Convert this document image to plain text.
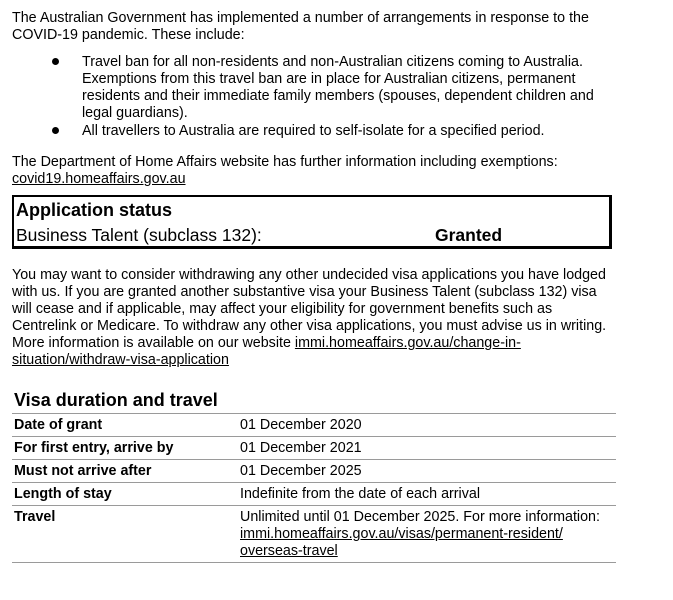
The Australian Government has implemented a number of arrangements in response to the COVID-19 pandemic. These include:

Travel ban for all non-residents and non-Australian citizens coming to Australia. Exemptions from this travel ban are in place for Australian citizens, permanent residents and their immediate family members (spouses, dependent children and legal guardians).
All travellers to Australia are required to self-isolate for a specified period.

The Department of Home Affairs website has further information including exemptions:
covid19.homeaffairs.gov.au

Application status
Business Talent (subclass 132):	Granted

You may want to consider withdrawing any other undecided visa applications you have lodged with us. If you are granted another substantive visa your Business Talent (subclass 132) visa will cease and if applicable, may affect your eligibility for government benefits such as Centrelink or Medicare. To withdraw any other visa applications, you must advise us in writing. More information is available on our website immi.homeaffairs.gov.au/change-in-
situation/withdraw-visa-application

Visa duration and travel
Date of grant	01 December 2020
For first entry, arrive by	01 December 2021
Must not arrive after	01 December 2025
Length of stay	Indefinite from the date of each arrival
Travel	Unlimited until 01 December 2025. For more information:
immi.homeaffairs.gov.au/visas/permanent-resident/
overseas-travel
